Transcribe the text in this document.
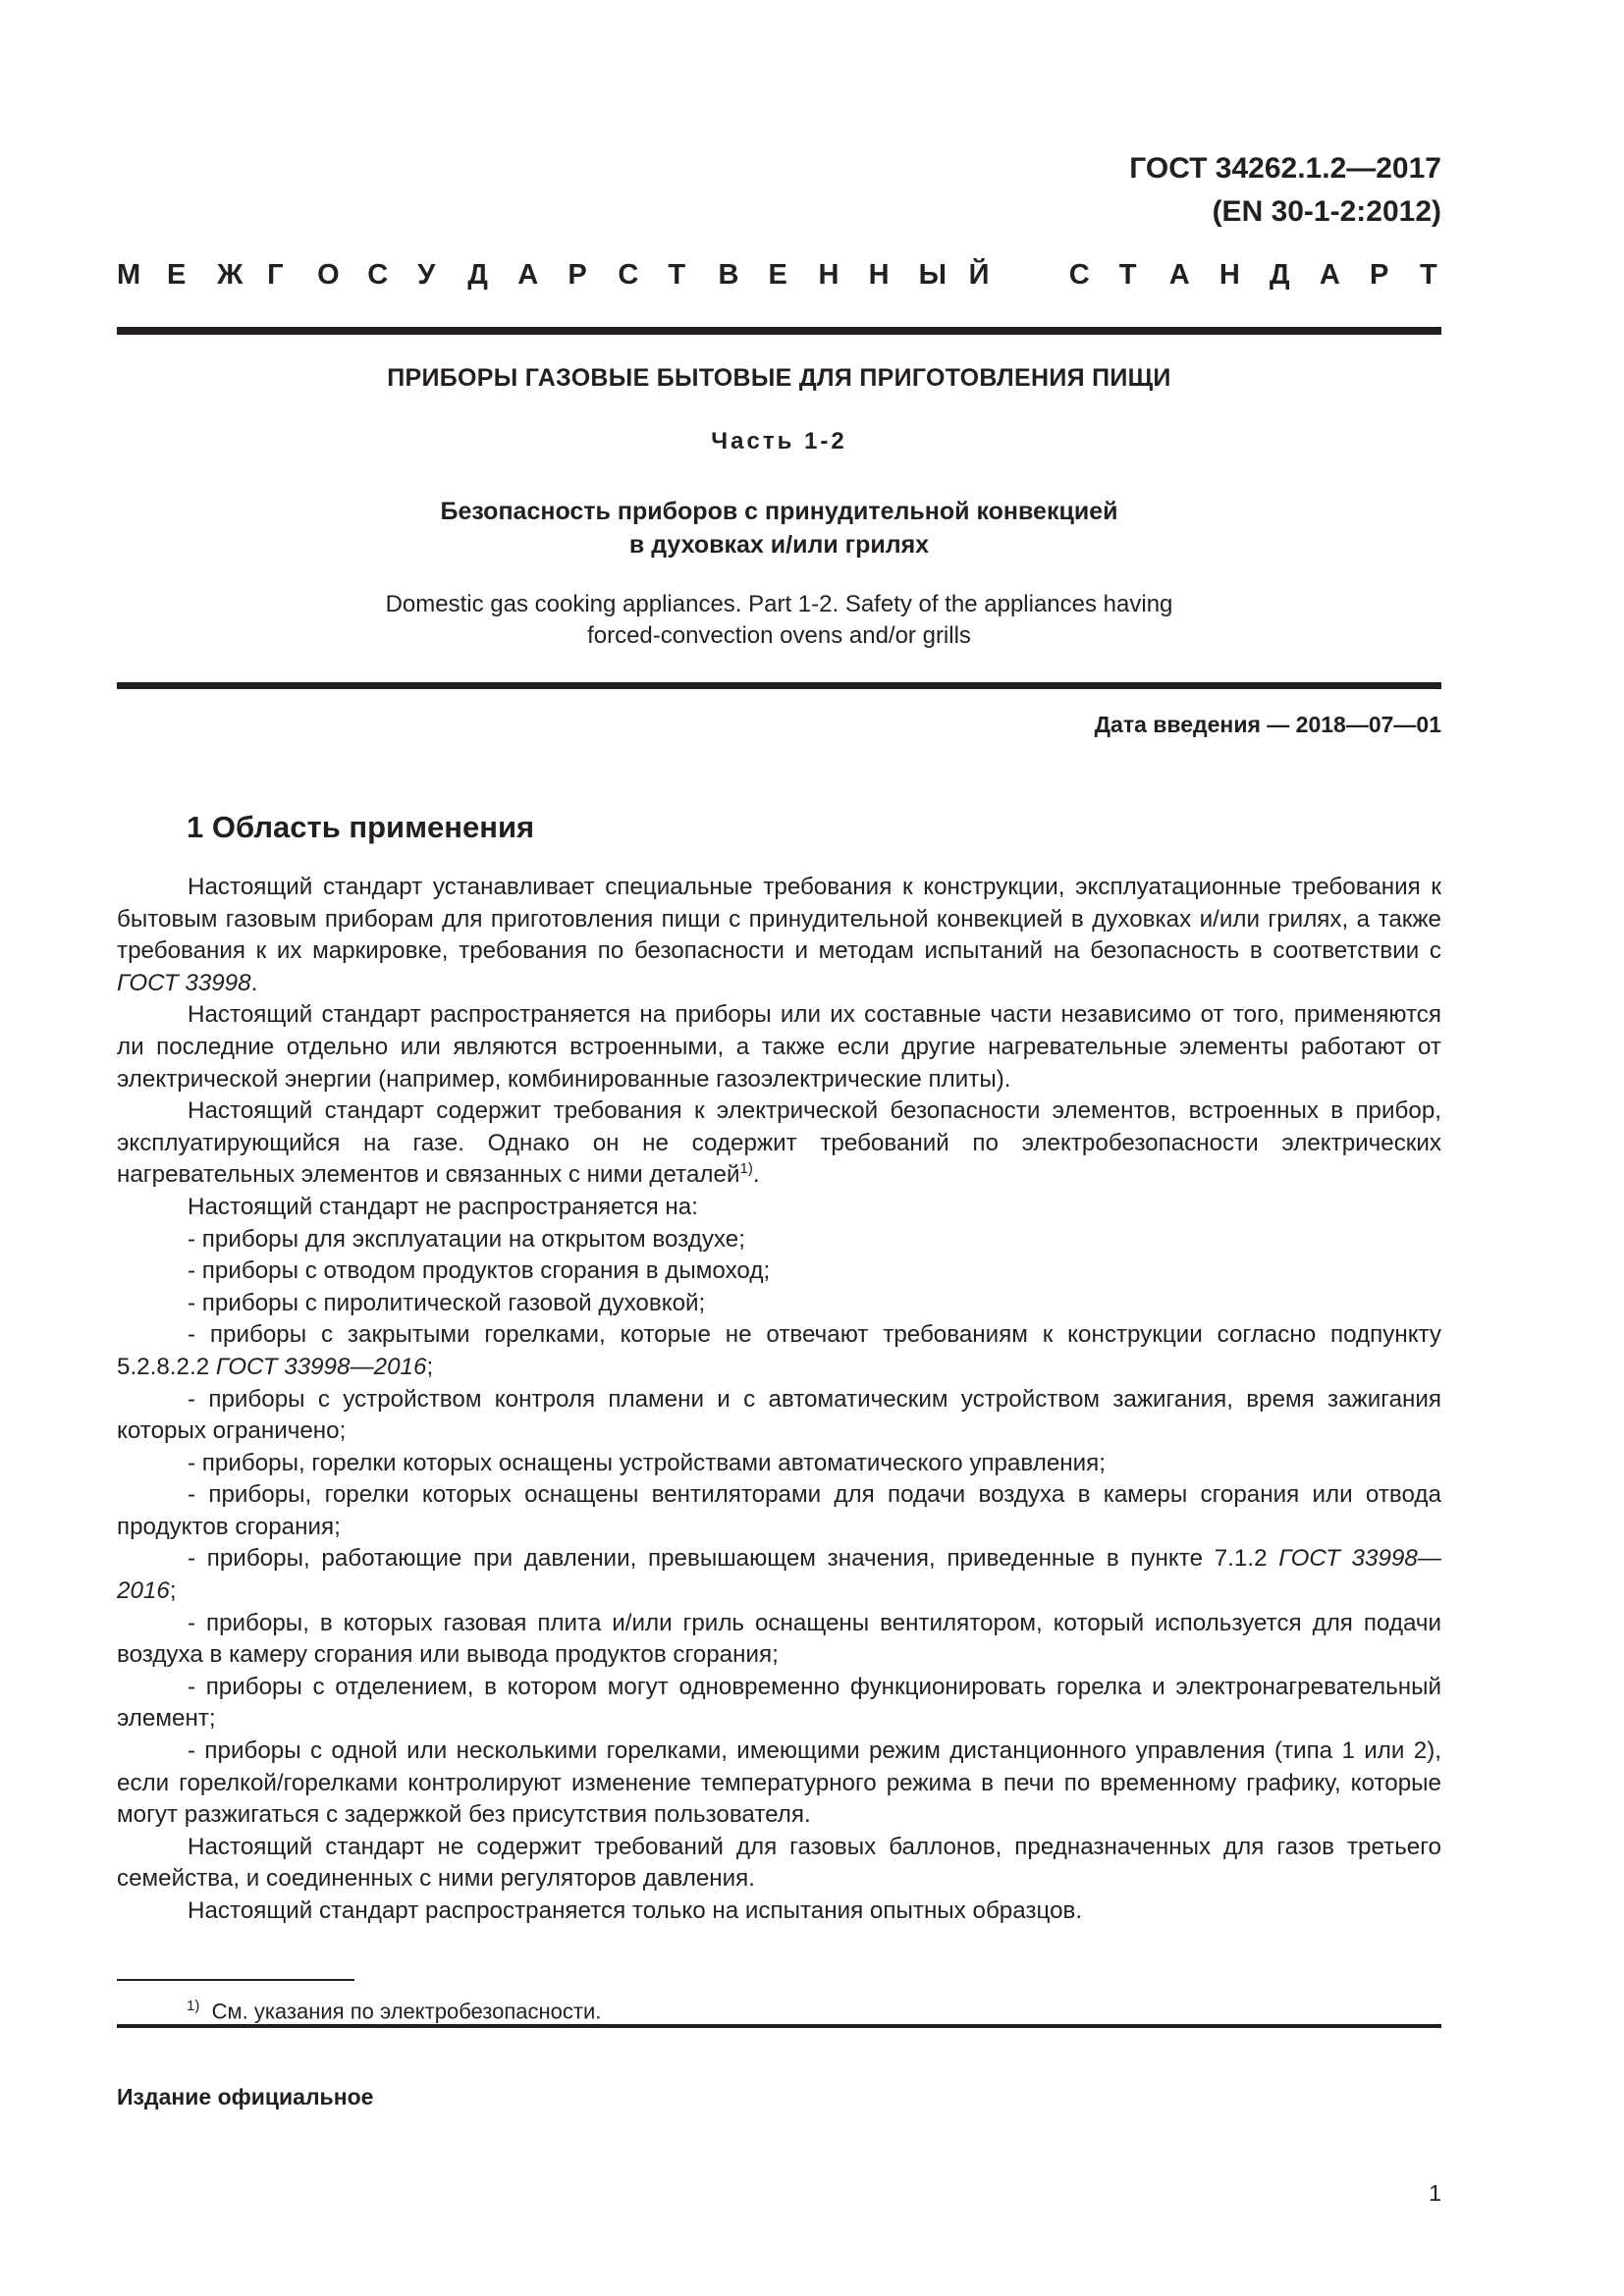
ГОСТ 34262.1.2—2017
(EN 30-1-2:2012)
М Е Ж Г О С У Д А Р С Т В Е Н Н Ы Й	С Т А Н Д А Р Т
ПРИБОРЫ ГАЗОВЫЕ БЫТОВЫЕ ДЛЯ ПРИГОТОВЛЕНИЯ ПИЩИ
Часть 1-2
Безопасность приборов с принудительной конвекцией
в духовках и/или грилях
Domestic gas cooking appliances. Part 1-2. Safety of the appliances having
forced-convection ovens and/or grills
Дата введения — 2018—07—01
1 Область применения

Настоящий стандарт устанавливает специальные требования к конструкции, эксплуатационные требования к бытовым газовым приборам для приготовления пищи с принудительной конвекцией в духовках и/или грилях, а также требования к их маркировке, требования по безопасности и методам испытаний на безопасность в соответствии с ГОСТ 33998.

Настоящий стандарт распространяется на приборы или их составные части независимо от того, применяются ли последние отдельно или являются встроенными, а также если другие нагревательные элементы работают от электрической энергии (например, комбинированные газоэлектрические плиты).

Настоящий стандарт содержит требования к электрической безопасности элементов, встроенных в прибор, эксплуатирующийся на газе. Однако он не содержит требований по электробезопасности электрических нагревательных элементов и связанных с ними деталей$^{1)}$.

Настоящий стандарт не распространяется на:

- приборы для эксплуатации на открытом воздухе;

- приборы с отводом продуктов сгорания в дымоход;

- приборы с пиролитической газовой духовкой;

- приборы с закрытыми горелками, которые не отвечают требованиям к конструкции согласно подпункту 5.2.8.2.2 ГОСТ 33998—2016;

- приборы с устройством контроля пламени и с автоматическим устройством зажигания, время зажигания которых ограничено;

- приборы, горелки которых оснащены устройствами автоматического управления;

- приборы, горелки которых оснащены вентиляторами для подачи воздуха в камеры сгорания или отвода продуктов сгорания;

- приборы, работающие при давлении, превышающем значения, приведенные в пункте 7.1.2 ГОСТ 33998—2016;

- приборы, в которых газовая плита и/или гриль оснащены вентилятором, который используется для подачи воздуха в камеру сгорания или вывода продуктов сгорания;

- приборы с отделением, в котором могут одновременно функционировать горелка и электронагревательный элемент;

- приборы с одной или несколькими горелками, имеющими режим дистанционного управления (типа 1 или 2), если горелкой/горелками контролируют изменение температурного режима в печи по временному графику, которые могут разжигаться с задержкой без присутствия пользователя.

Настоящий стандарт не содержит требований для газовых баллонов, предназначенных для газов третьего семейства, и соединенных с ними регуляторов давления.

Настоящий стандарт распространяется только на испытания опытных образцов.

$^{1)}$ См. указания по электробезопасности.
Издание официальное
1
